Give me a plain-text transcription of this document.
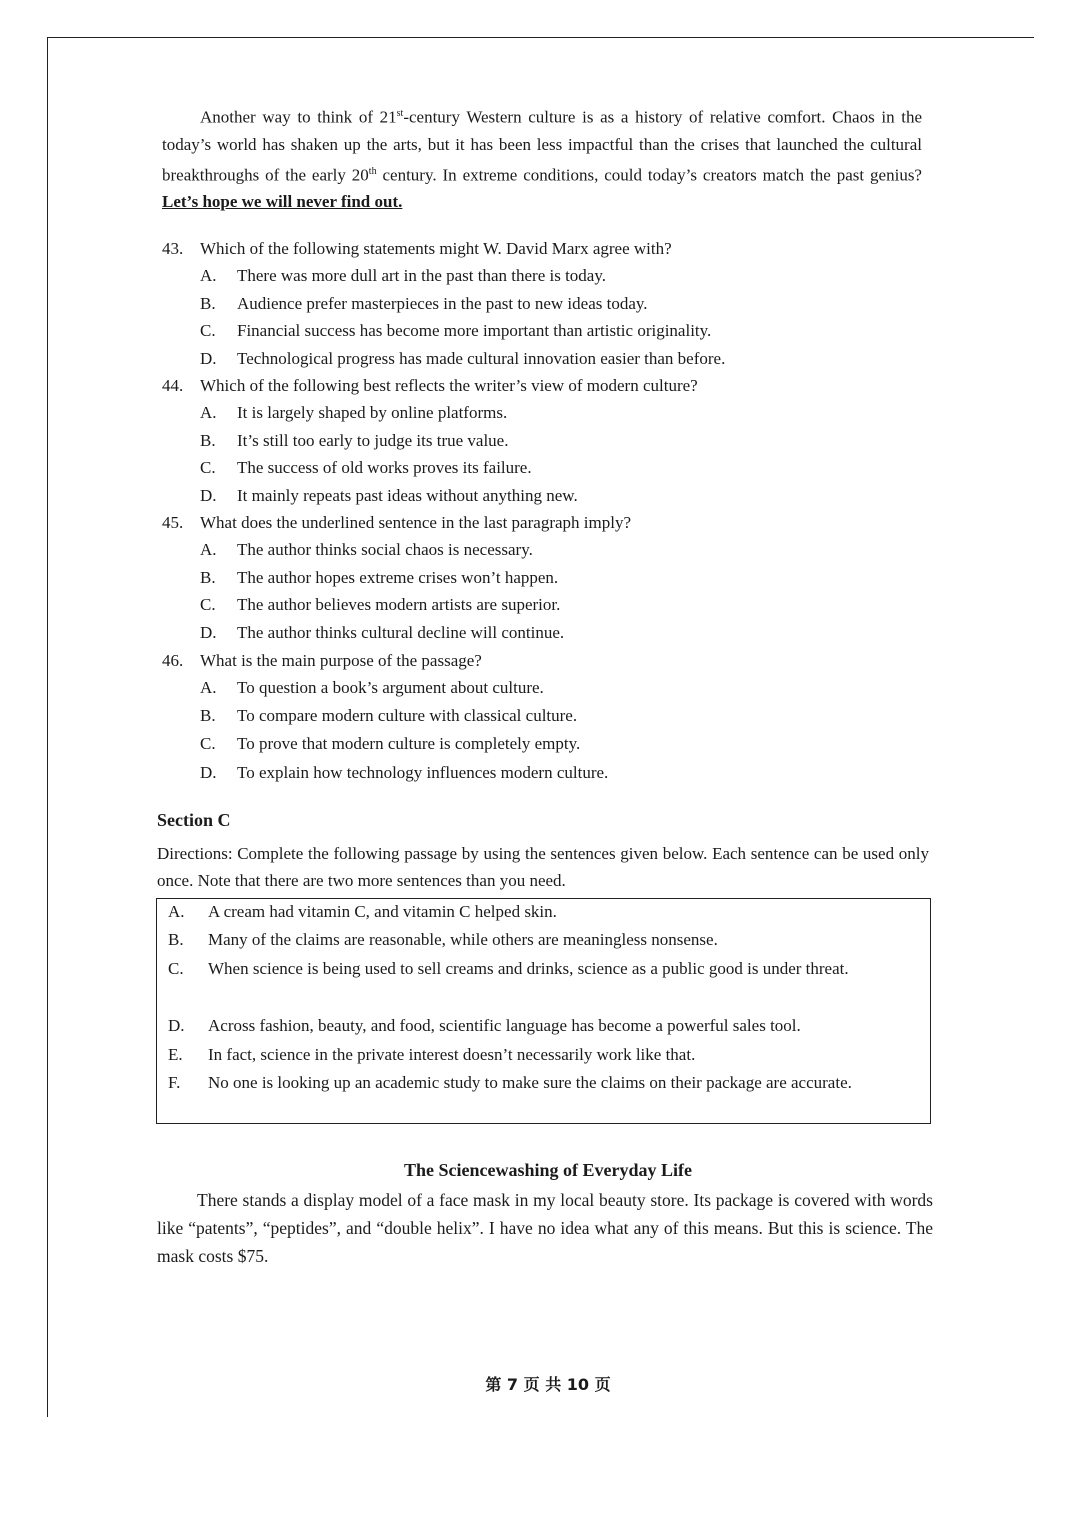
Another way to think of 21st-century Western culture is as a history of relative comfort. Chaos in the today’s world has shaken up the arts, but it has been less impactful than the crises that launched the cultural breakthroughs of the early 20th century. In extreme conditions, could today’s creators match the past genius? Let’s hope we will never find out.
43. Which of the following statements might W. David Marx agree with?
A. There was more dull art in the past than there is today.
B. Audience prefer masterpieces in the past to new ideas today.
C. Financial success has become more important than artistic originality.
D. Technological progress has made cultural innovation easier than before.
44. Which of the following best reflects the writer’s view of modern culture?
A. It is largely shaped by online platforms.
B. It’s still too early to judge its true value.
C. The success of old works proves its failure.
D. It mainly repeats past ideas without anything new.
45. What does the underlined sentence in the last paragraph imply?
A. The author thinks social chaos is necessary.
B. The author hopes extreme crises won’t happen.
C. The author believes modern artists are superior.
D. The author thinks cultural decline will continue.
46. What is the main purpose of the passage?
A. To question a book’s argument about culture.
B. To compare modern culture with classical culture.
C. To prove that modern culture is completely empty.
D. To explain how technology influences modern culture.
Section C
Directions: Complete the following passage by using the sentences given below. Each sentence can be used only once. Note that there are two more sentences than you need.
A.	A cream had vitamin C, and vitamin C helped skin.
B.	Many of the claims are reasonable, while others are meaningless nonsense.
C.	When science is being used to sell creams and drinks, science as a public good is under threat.
D.	Across fashion, beauty, and food, scientific language has become a powerful sales tool.
E.	In fact, science in the private interest doesn’t necessarily work like that.
F.	No one is looking up an academic study to make sure the claims on their package are accurate.
The Sciencewashing of Everyday Life
There stands a display model of a face mask in my local beauty store. Its package is covered with words like “patents”, “peptides”, and “double helix”. I have no idea what any of this means. But this is science. The mask costs $75.
第 7 页 共 10 页
